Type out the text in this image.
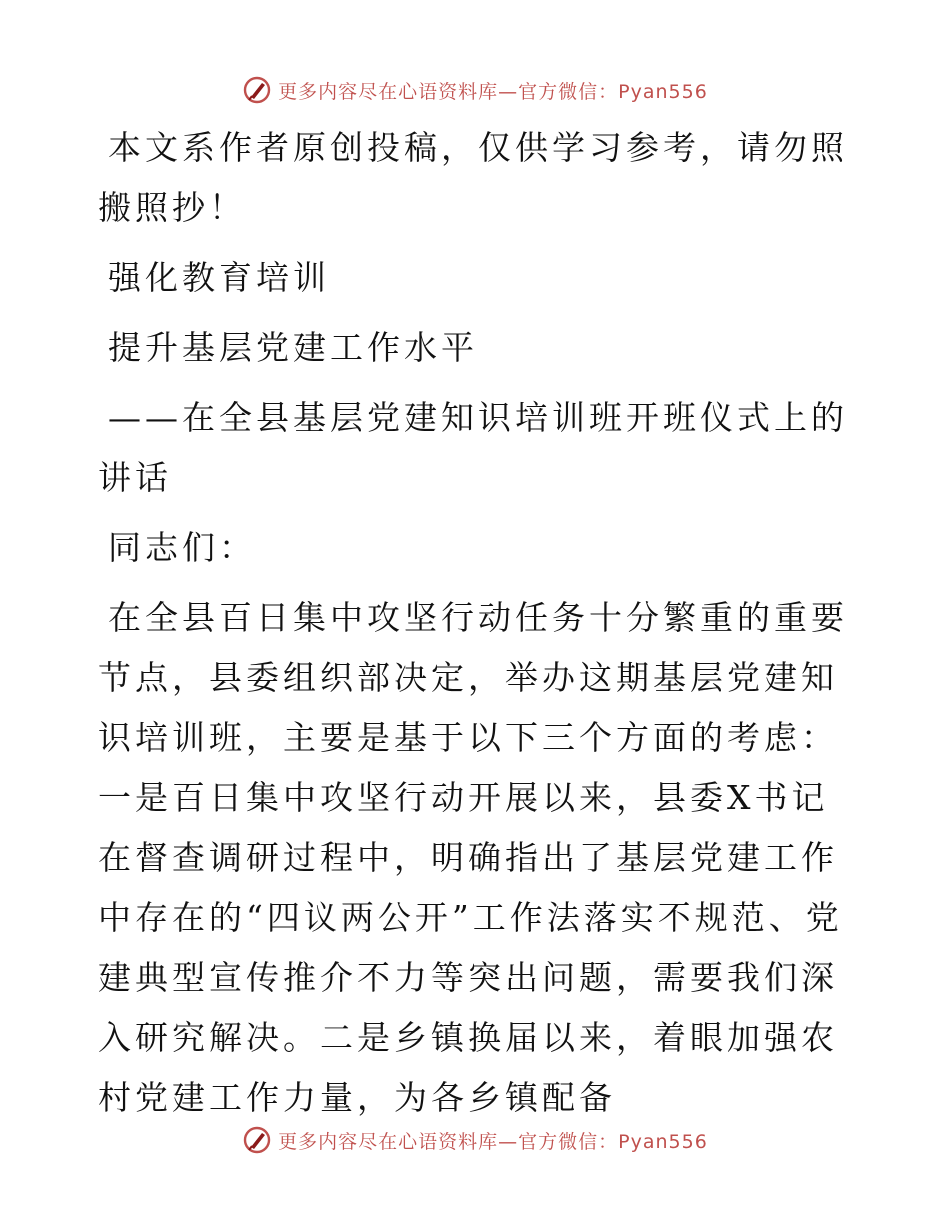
更多内容尽在心语资料库—官方微信：Pyan556

本文系作者原创投稿，仅供学习参考，请勿照搬照抄！

强化教育培训

提升基层党建工作水平

——在全县基层党建知识培训班开班仪式上的讲话

同志们：

在全县百日集中攻坚行动任务十分繁重的重要节点，县委组织部决定，举办这期基层党建知识培训班，主要是基于以下三个方面的考虑：一是百日集中攻坚行动开展以来，县委X书记在督查调研过程中，明确指出了基层党建工作中存在的“四议两公开”工作法落实不规范、党建典型宣传推介不力等突出问题，需要我们深入研究解决。二是乡镇换届以来，着眼加强农村党建工作力量，为各乡镇配备

更多内容尽在心语资料库—官方微信：Pyan556
